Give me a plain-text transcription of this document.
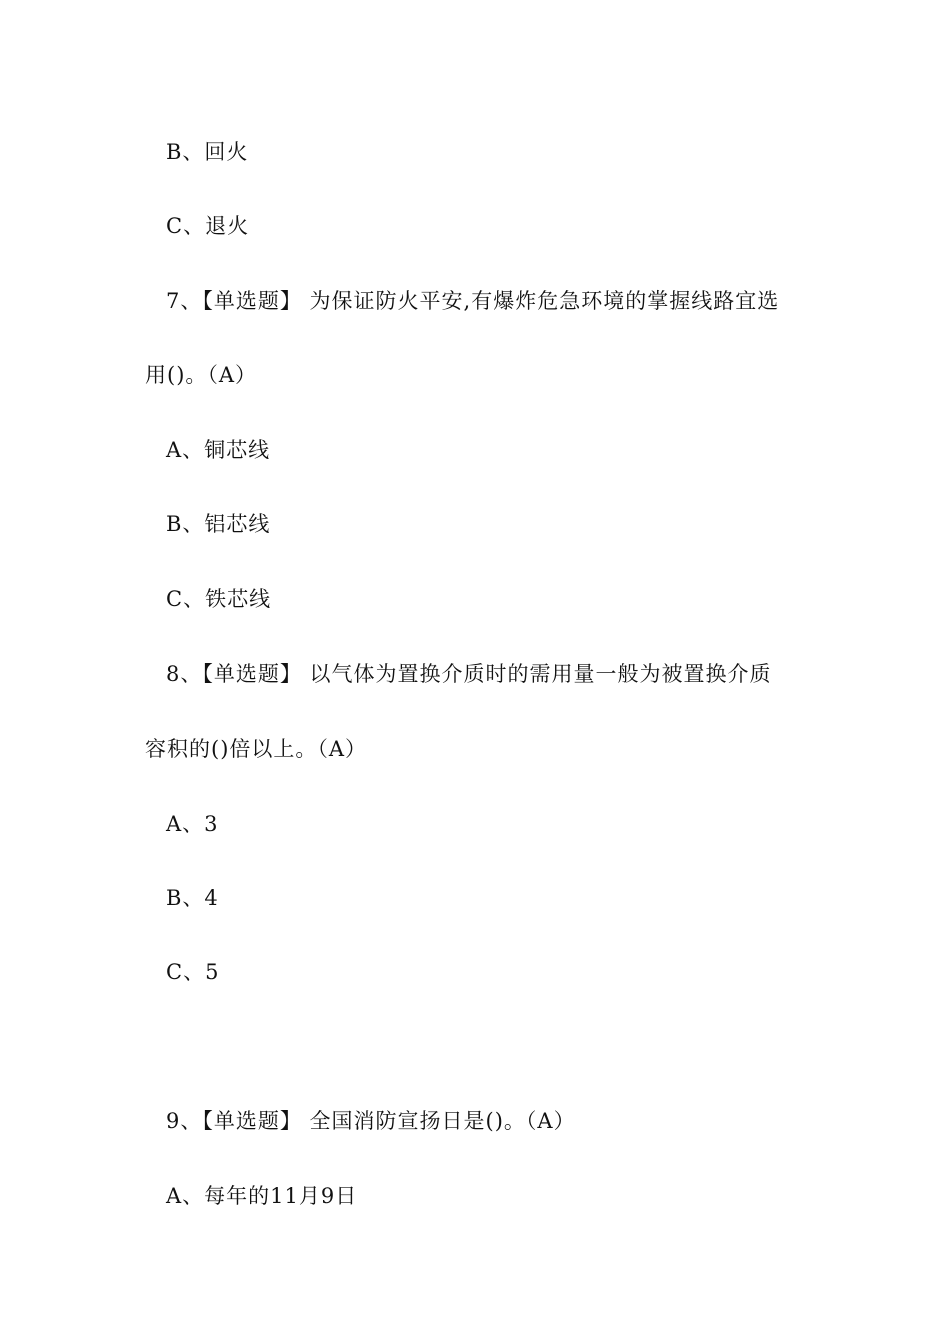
B、回火
C、退火
7、【单选题】 为保证防火平安,有爆炸危急环境的掌握线路宜选
用()。（A）
A、铜芯线
B、铝芯线
C、铁芯线
8、【单选题】 以气体为置换介质时的需用量一般为被置换介质
容积的()倍以上。（A）
A、3
B、4
C、5
9、【单选题】 全国消防宣扬日是()。（A）
A、每年的11月9日
